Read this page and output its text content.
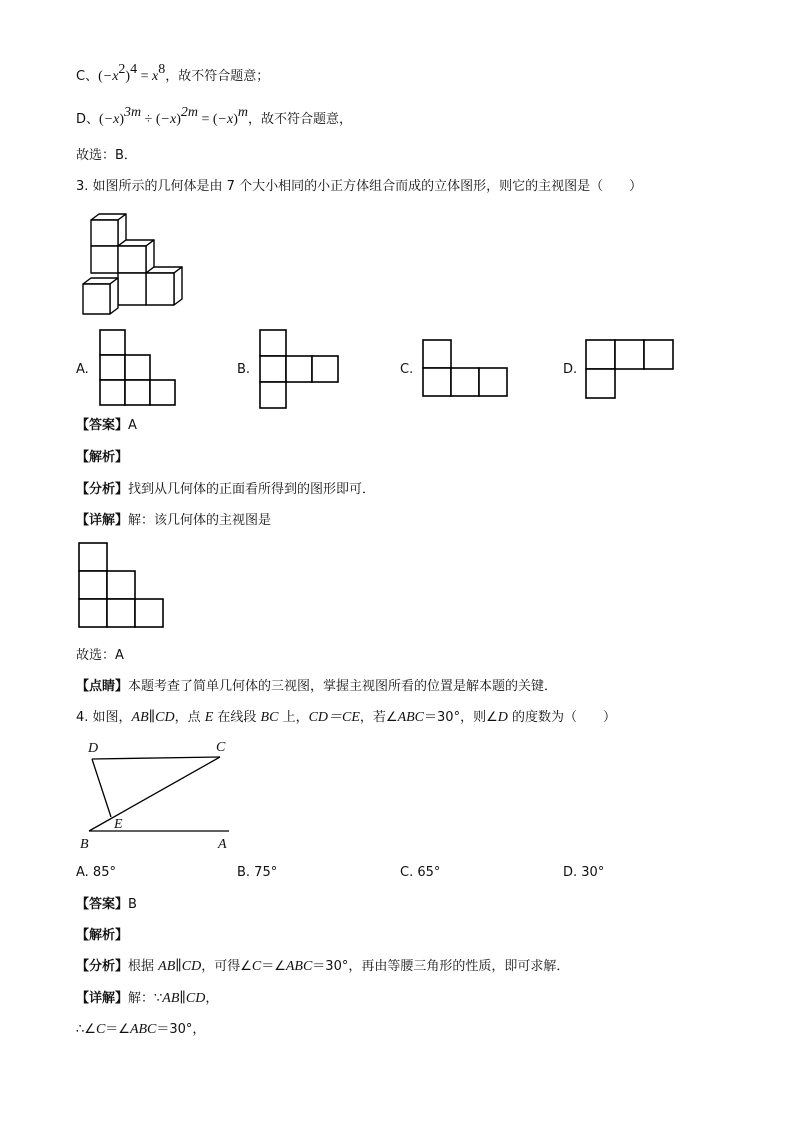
C、$(-x^2)^4 = x^8$，故不符合题意；
D、$(-x)^{3m} \div (-x)^{2m} = (-x)^m$，故不符合题意，
故选：B．
3. 如图所示的几何体是由 7 个大小相同的小正方体组合而成的立体图形，则它的主视图是（　　）
A.	B.	C.	D.
【答案】A
【解析】
【分析】找到从几何体的正面看所得到的图形即可．
【详解】解：该几何体的主视图是
故选：A
【点睛】本题考查了简单几何体的三视图，掌握主视图所看的位置是解本题的关键．
4. 如图，AB∥CD，点 E 在线段 BC 上，CD＝CE，若∠ABC＝30°，则∠D 的度数为（　　）
D	C
E
B	A
A. 85°	B. 75°	C. 65°	D. 30°
【答案】B
【解析】
【分析】根据 AB∥CD，可得∠C＝∠ABC＝30°，再由等腰三角形的性质，即可求解．
【详解】解：∵AB∥CD，
∴∠C＝∠ABC＝30°，
